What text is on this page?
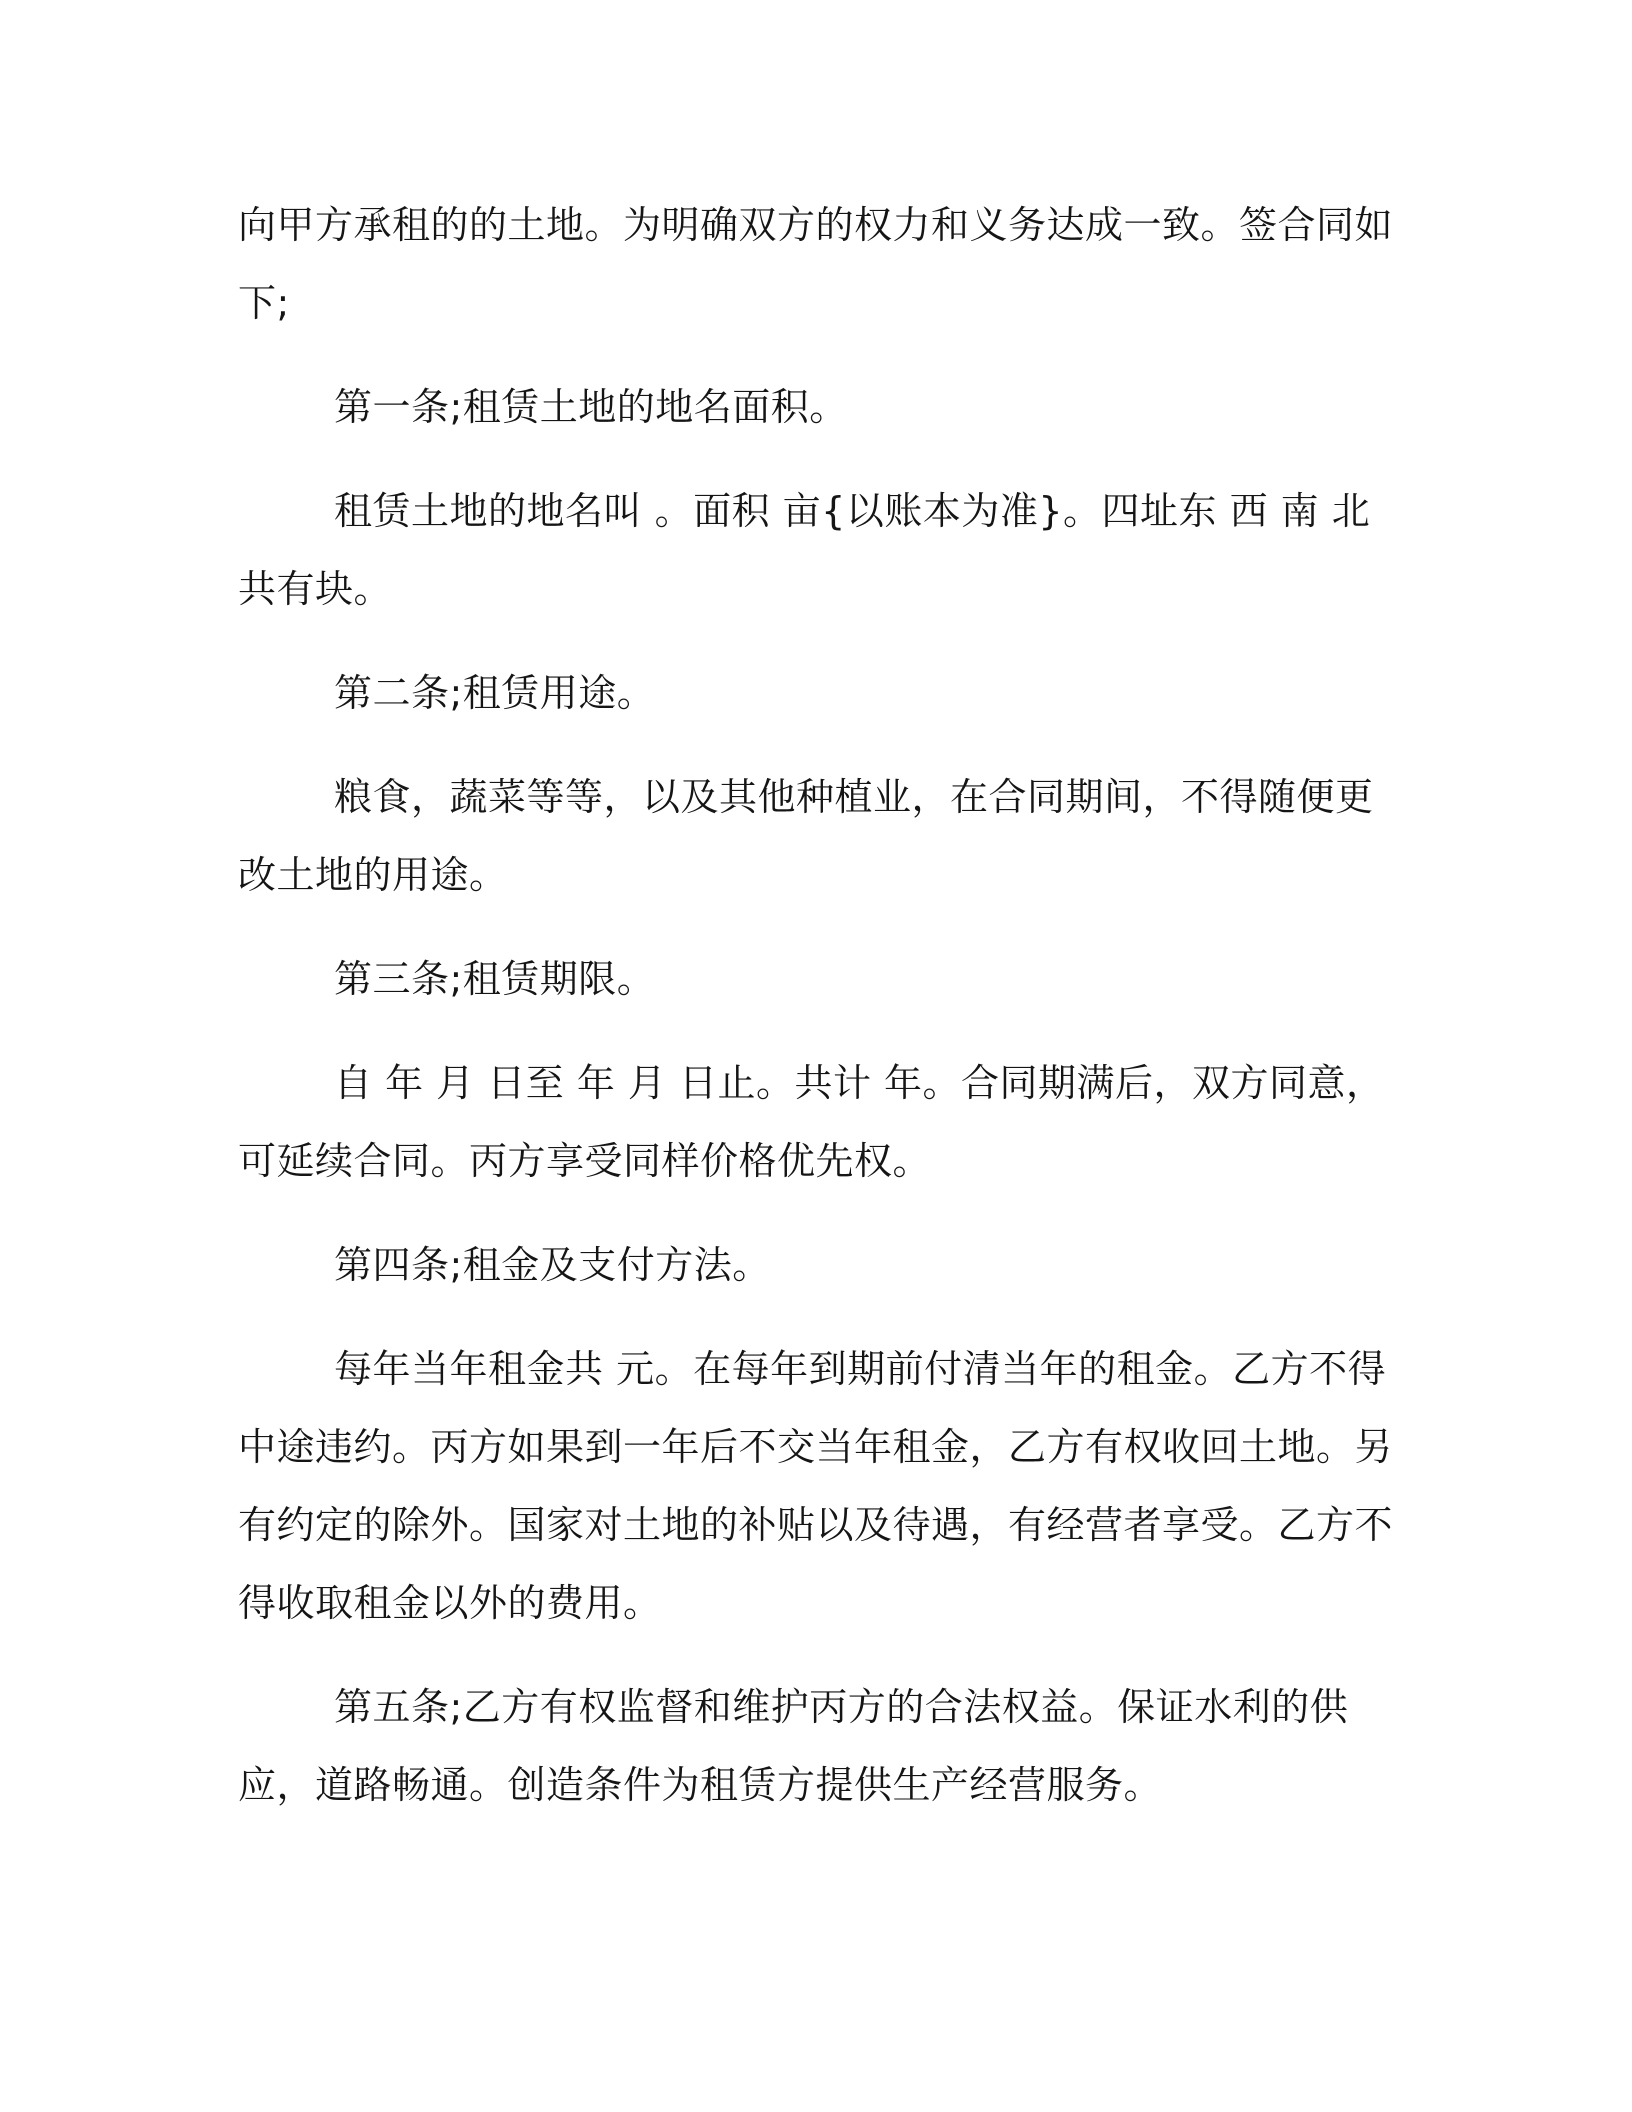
向甲方承租的的土地。为明确双方的权力和义务达成一致。签合同如下;

第一条;租赁土地的地名面积。

租赁土地的地名叫 。面积 亩{以账本为准}。四址东 西 南 北 共有块。

第二条;租赁用途。

粮食，蔬菜等等，以及其他种植业，在合同期间，不得随便更改土地的用途。

第三条;租赁期限。

自 年 月 日至 年 月 日止。共计 年。合同期满后，双方同意，可延续合同。丙方享受同样价格优先权。

第四条;租金及支付方法。

每年当年租金共 元。在每年到期前付清当年的租金。乙方不得中途违约。丙方如果到一年后不交当年租金，乙方有权收回土地。另有约定的除外。国家对土地的补贴以及待遇，有经营者享受。乙方不得收取租金以外的费用。

第五条;乙方有权监督和维护丙方的合法权益。保证水利的供应，道路畅通。创造条件为租赁方提供生产经营服务。
